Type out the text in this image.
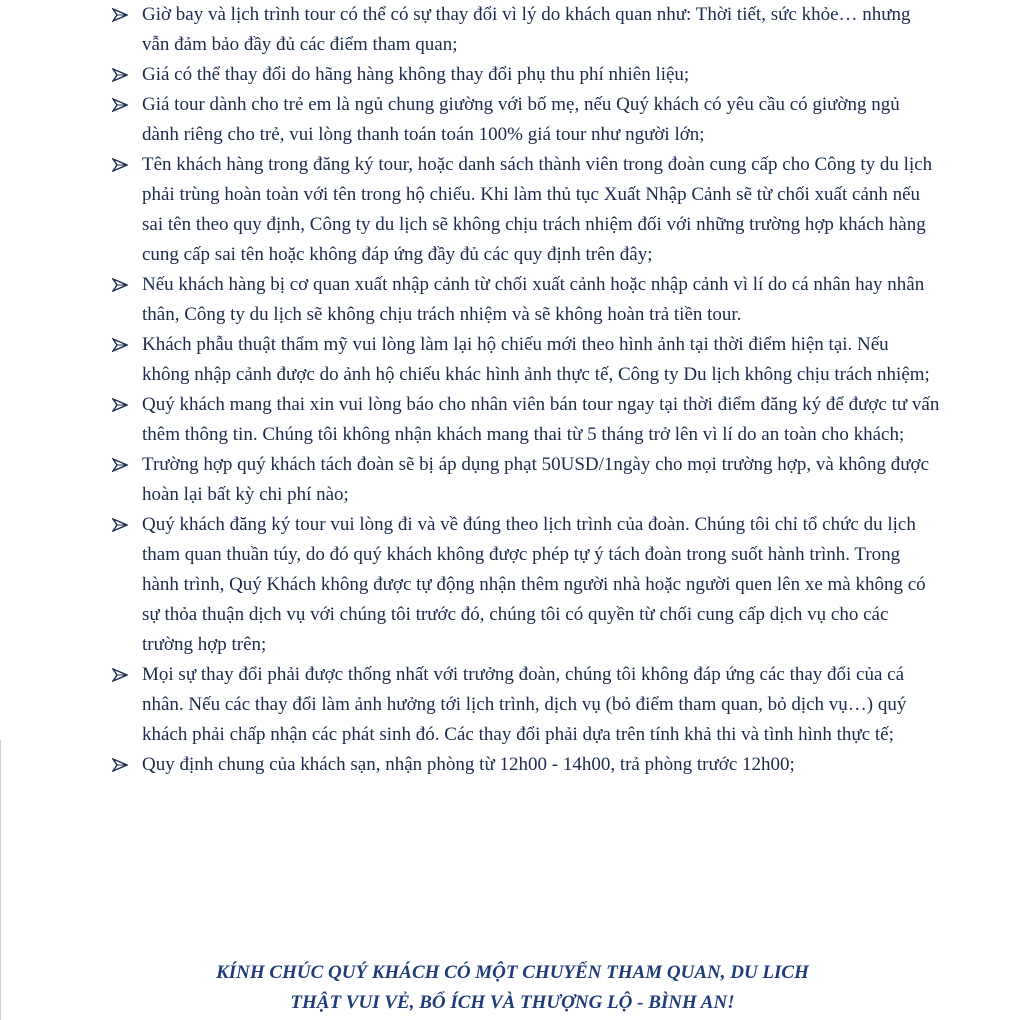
Giờ bay và lịch trình tour có thể có sự thay đổi vì lý do khách quan như: Thời tiết, sức khỏe… nhưng vẫn đảm bảo đầy đủ các điểm tham quan;
Giá có thể thay đổi do hãng hàng không thay đổi phụ thu phí nhiên liệu;
Giá tour dành cho trẻ em là ngủ chung giường với bố mẹ, nếu Quý khách có yêu cầu có giường ngủ dành riêng cho trẻ, vui lòng thanh toán toán 100% giá tour như người lớn;
Tên khách hàng trong đăng ký tour, hoặc danh sách thành viên trong đoàn cung cấp cho Công ty du lịch phải trùng hoàn toàn với tên trong hộ chiếu. Khi làm thủ tục Xuất Nhập Cảnh sẽ từ chối xuất cảnh nếu sai tên theo quy định, Công ty du lịch sẽ không chịu trách nhiệm đối với những trường hợp khách hàng cung cấp sai tên hoặc không đáp ứng đầy đủ các quy định trên đây;
Nếu khách hàng bị cơ quan xuất nhập cảnh từ chối xuất cảnh hoặc nhập cảnh vì lí do cá nhân hay nhân thân, Công ty du lịch sẽ không chịu trách nhiệm và sẽ không hoàn trả tiền tour.
Khách phẫu thuật thẩm mỹ vui lòng làm lại hộ chiếu mới theo hình ảnh tại thời điểm hiện tại. Nếu không nhập cảnh được do ảnh hộ chiếu khác hình ảnh thực tế, Công ty Du lịch không chịu trách nhiệm;
Quý khách mang thai xin vui lòng báo cho nhân viên bán tour ngay tại thời điểm đăng ký để được tư vấn thêm thông tin. Chúng tôi không nhận khách mang thai từ 5 tháng trở lên vì lí do an toàn cho khách;
Trường hợp quý khách tách đoàn sẽ bị áp dụng phạt 50USD/1ngày cho mọi trường hợp, và không được hoàn lại bất kỳ chi phí nào;
Quý khách đăng ký tour vui lòng đi và về đúng theo lịch trình của đoàn. Chúng tôi chỉ tổ chức du lịch tham quan thuần túy, do đó quý khách không được phép tự ý tách đoàn trong suốt hành trình. Trong hành trình, Quý Khách không được tự động nhận thêm người nhà hoặc người quen lên xe mà không có sự thỏa thuận dịch vụ với chúng tôi trước đó, chúng tôi có quyền từ chối cung cấp dịch vụ cho các trường hợp trên;
Mọi sự thay đổi phải được thống nhất với trưởng đoàn, chúng tôi không đáp ứng các thay đổi của cá nhân. Nếu các thay đổi làm ảnh hưởng tới lịch trình, dịch vụ (bỏ điểm tham quan, bỏ dịch vụ…) quý khách phải chấp nhận các phát sinh đó. Các thay đổi phải dựa trên tính khả thi và tình hình thực tế;
Quy định chung của khách sạn, nhận phòng từ 12h00 - 14h00, trả phòng trước 12h00;
KÍNH CHÚC QUÝ KHÁCH CÓ MỘT CHUYẾN THAM QUAN, DU LICH
THẬT VUI VẺ, BỔ ÍCH VÀ THƯỢNG LỘ - BÌNH AN!
